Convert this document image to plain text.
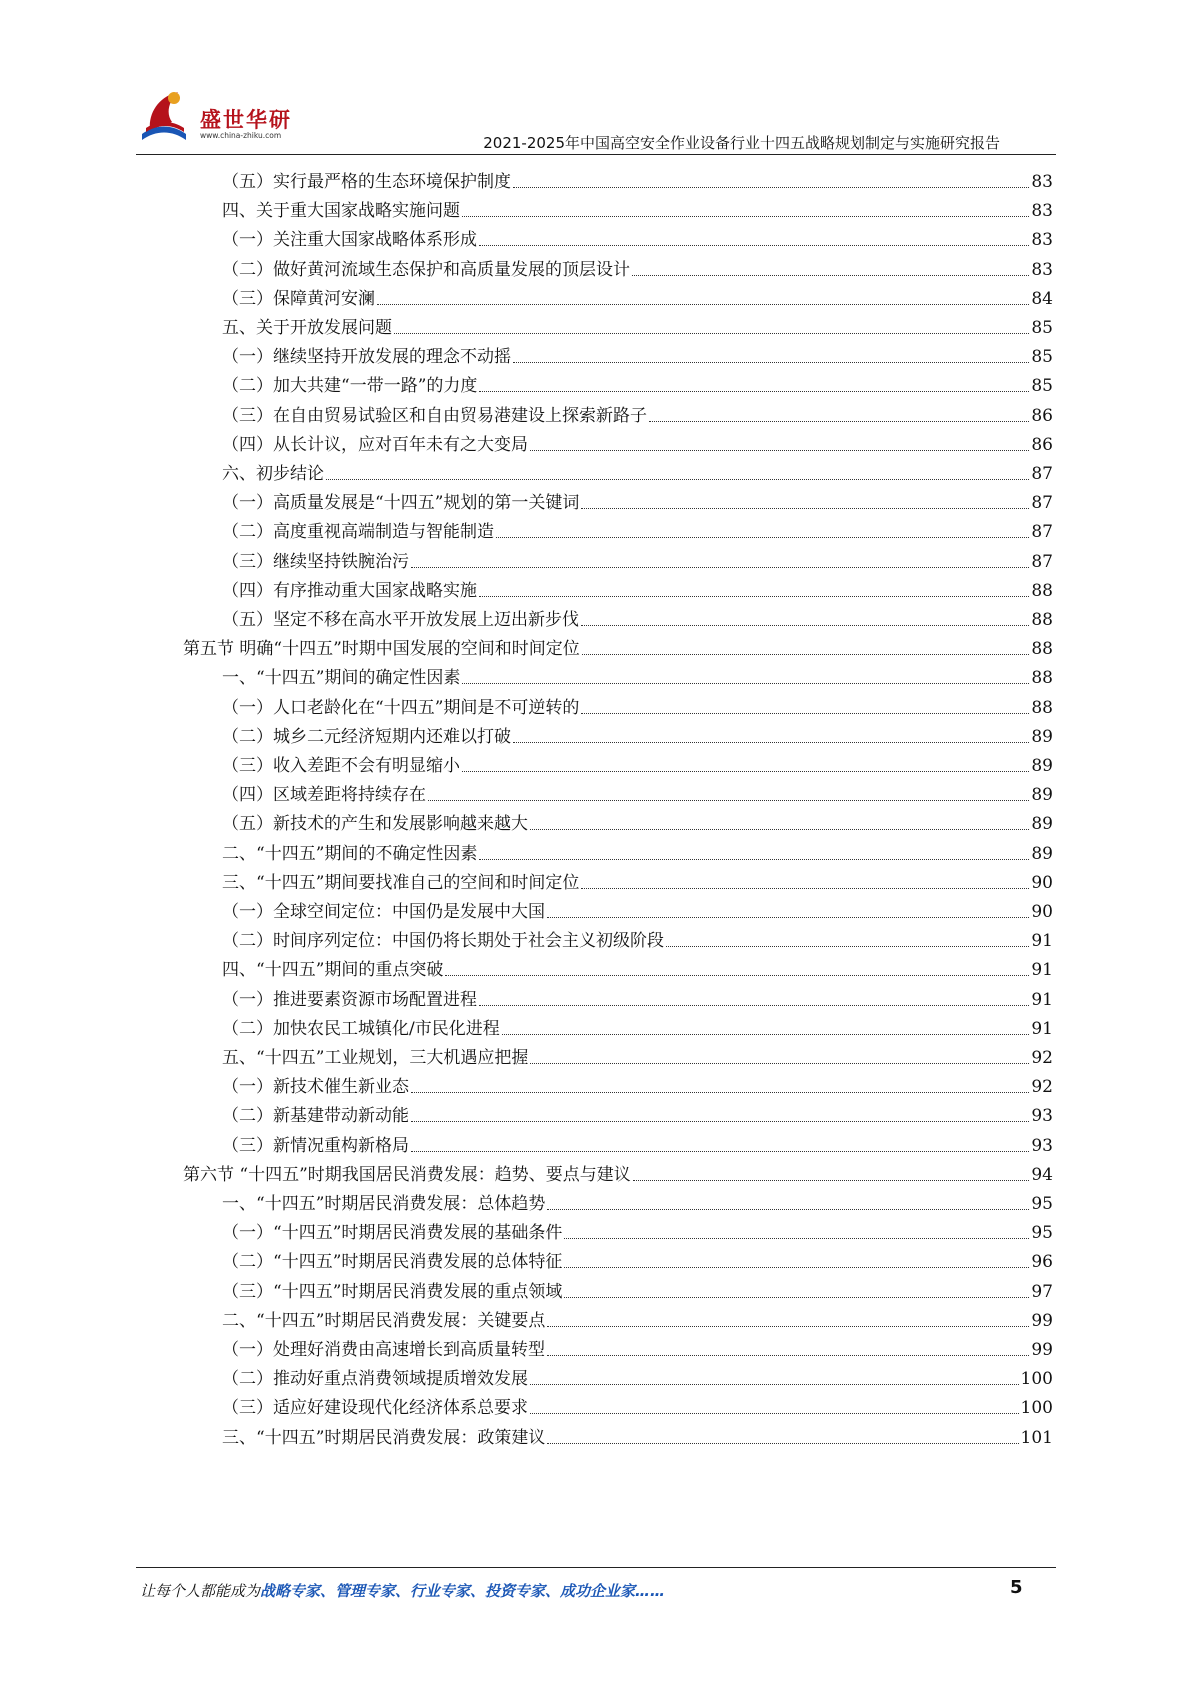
盛世华研
www.china-zhiku.com	2021-2025年中国高空安全作业设备行业十四五战略规划制定与实施研究报告
（五）实行最严格的生态环境保护制度	83
四、关于重大国家战略实施问题	83
（一）关注重大国家战略体系形成	83
（二）做好黄河流域生态保护和高质量发展的顶层设计	83
（三）保障黄河安澜	84
五、关于开放发展问题	85
（一）继续坚持开放发展的理念不动摇	85
（二）加大共建“一带一路”的力度	85
（三）在自由贸易试验区和自由贸易港建设上探索新路子	86
（四）从长计议，应对百年未有之大变局	86
六、初步结论	87
（一）高质量发展是“十四五”规划的第一关键词	87
（二）高度重视高端制造与智能制造	87
（三）继续坚持铁腕治污	87
（四）有序推动重大国家战略实施	88
（五）坚定不移在高水平开放发展上迈出新步伐	88
第五节 明确“十四五”时期中国发展的空间和时间定位	88
一、“十四五”期间的确定性因素	88
（一）人口老龄化在“十四五”期间是不可逆转的	88
（二）城乡二元经济短期内还难以打破	89
（三）收入差距不会有明显缩小	89
（四）区域差距将持续存在	89
（五）新技术的产生和发展影响越来越大	89
二、“十四五”期间的不确定性因素	89
三、“十四五”期间要找准自己的空间和时间定位	90
（一）全球空间定位：中国仍是发展中大国	90
（二）时间序列定位：中国仍将长期处于社会主义初级阶段	91
四、“十四五”期间的重点突破	91
（一）推进要素资源市场配置进程	91
（二）加快农民工城镇化/市民化进程	91
五、“十四五”工业规划，三大机遇应把握	92
（一）新技术催生新业态	92
（二）新基建带动新动能	93
（三）新情况重构新格局	93
第六节 “十四五”时期我国居民消费发展：趋势、要点与建议	94
一、“十四五”时期居民消费发展：总体趋势	95
（一）“十四五”时期居民消费发展的基础条件	95
（二）“十四五”时期居民消费发展的总体特征	96
（三）“十四五”时期居民消费发展的重点领域	97
二、“十四五”时期居民消费发展：关键要点	99
（一）处理好消费由高速增长到高质量转型	99
（二）推动好重点消费领域提质增效发展	100
（三）适应好建设现代化经济体系总要求	100
三、“十四五”时期居民消费发展：政策建议	101
让每个人都能成为战略专家、管理专家、行业专家、投资专家、成功企业家……	5
